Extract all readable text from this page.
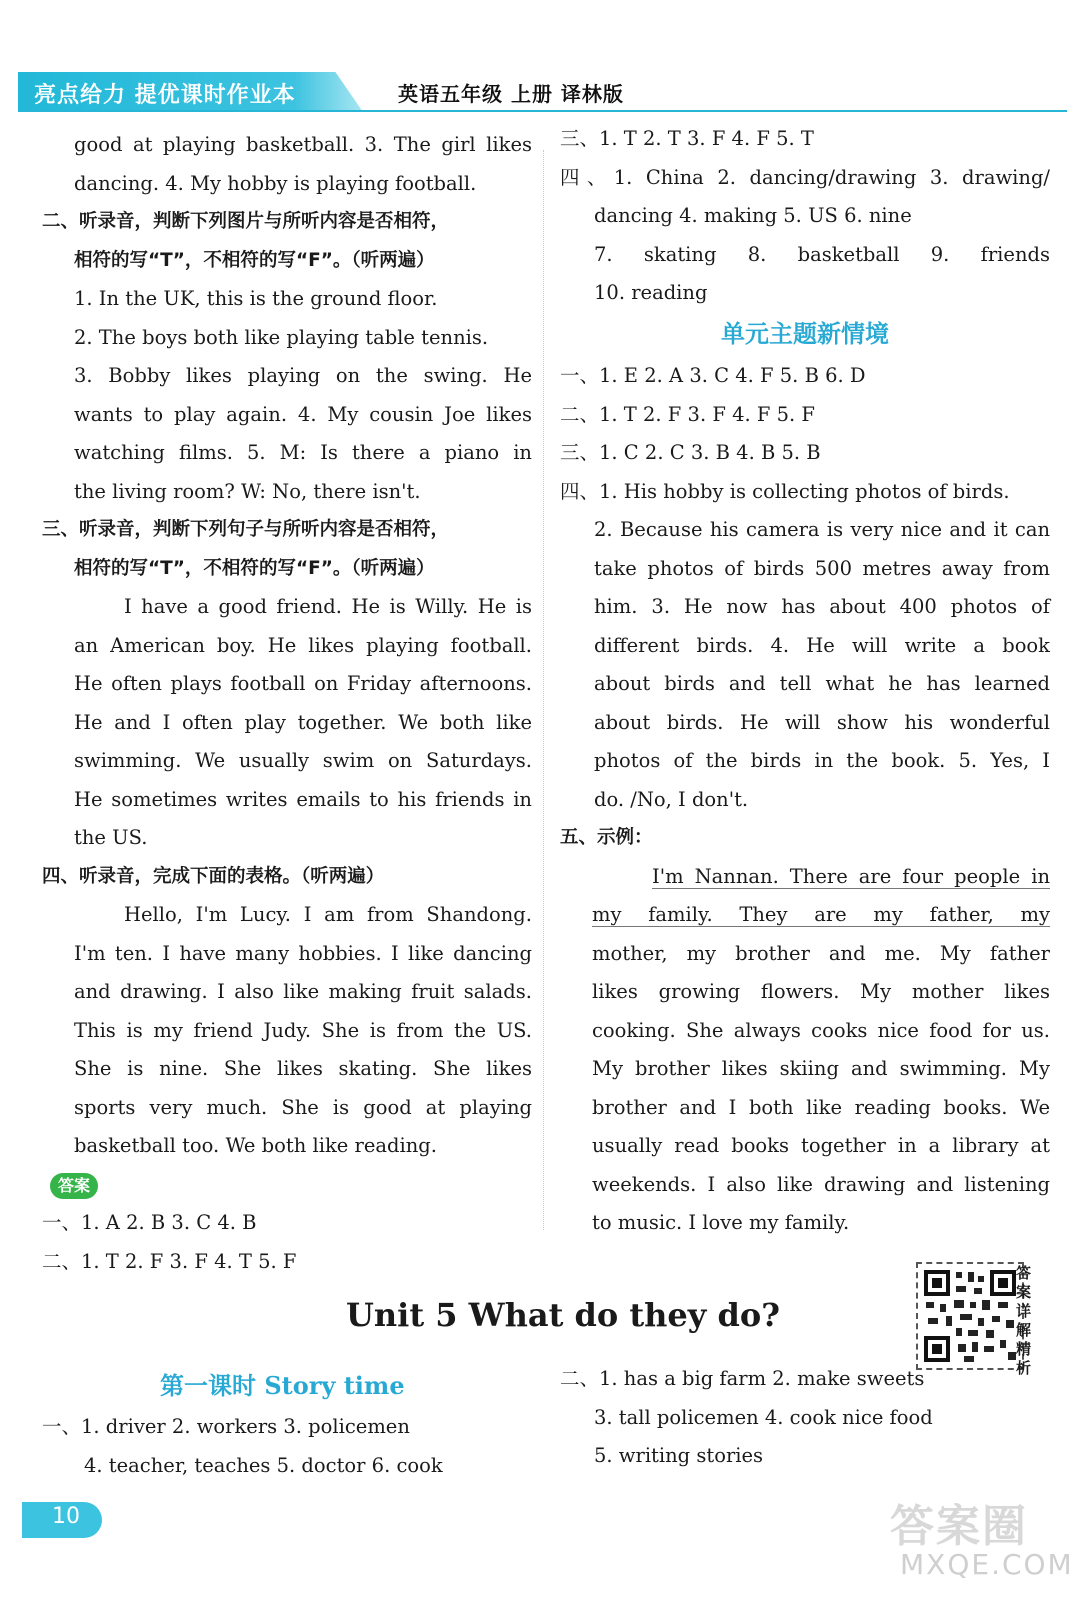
亮点给力 提优课时作业本	英语五年级 上册 译林版
good at playing basketball. 3. The girl likes
dancing. 4. My hobby is playing football.
二、听录音，判断下列图片与所听内容是否相符，
相符的写“T”，不相符的写“F”。（听两遍）
1. In the UK, this is the ground floor.
2. The boys both like playing table tennis.
3. Bobby likes playing on the swing. He
wants to play again. 4. My cousin Joe likes
watching films. 5. M: Is there a piano in
the living room? W: No, there isn't.
三、听录音，判断下列句子与所听内容是否相符，
相符的写“T”，不相符的写“F”。（听两遍）
I have a good friend. He is Willy. He is
an American boy. He likes playing football.
He often plays football on Friday afternoons.
He and I often play together. We both like
swimming. We usually swim on Saturdays.
He sometimes writes emails to his friends in
the US.
四、听录音，完成下面的表格。（听两遍）
Hello, I'm Lucy. I am from Shandong.
I'm ten. I have many hobbies. I like dancing
and drawing. I also like making fruit salads.
This is my friend Judy. She is from the US.
She is nine. She likes skating. She likes
sports very much. She is good at playing
basketball too. We both like reading.
答案
一、1. A 2. B 3. C 4. B
二、1. T 2. F 3. F 4. T 5. F
三、1. T 2. T 3. F 4. F 5. T
四、1. China 2. dancing/drawing 3. drawing/
dancing 4. making 5. US 6. nine
7. skating 8. basketball 9. friends
10. reading
单元主题新情境
一、1. E 2. A 3. C 4. F 5. B 6. D
二、1. T 2. F 3. F 4. F 5. F
三、1. C 2. C 3. B 4. B 5. B
四、1. His hobby is collecting photos of birds.
2. Because his camera is very nice and it can
take photos of birds 500 metres away from
him. 3. He now has about 400 photos of
different birds. 4. He will write a book
about birds and tell what he has learned
about birds. He will show his wonderful
photos of the birds in the book. 5. Yes, I
do. /No, I don't.
五、示例：
I'm Nannan. There are four people in
my family. They are my father, my
mother, my brother and me. My father
likes growing flowers. My mother likes
cooking. She always cooks nice food for us.
My brother likes skiing and swimming. My
brother and I both like reading books. We
usually read books together in a library at
weekends. I also like drawing and listening
to music. I love my family.
Unit 5 What do they do?
答案详解精析
第一课时 Story time
一、1. driver 2. workers 3. policemen
4. teacher, teaches 5. doctor 6. cook
二、1. has a big farm 2. make sweets
3. tall policemen 4. cook nice food
5. writing stories
10	答案圈
MXQE.COM
